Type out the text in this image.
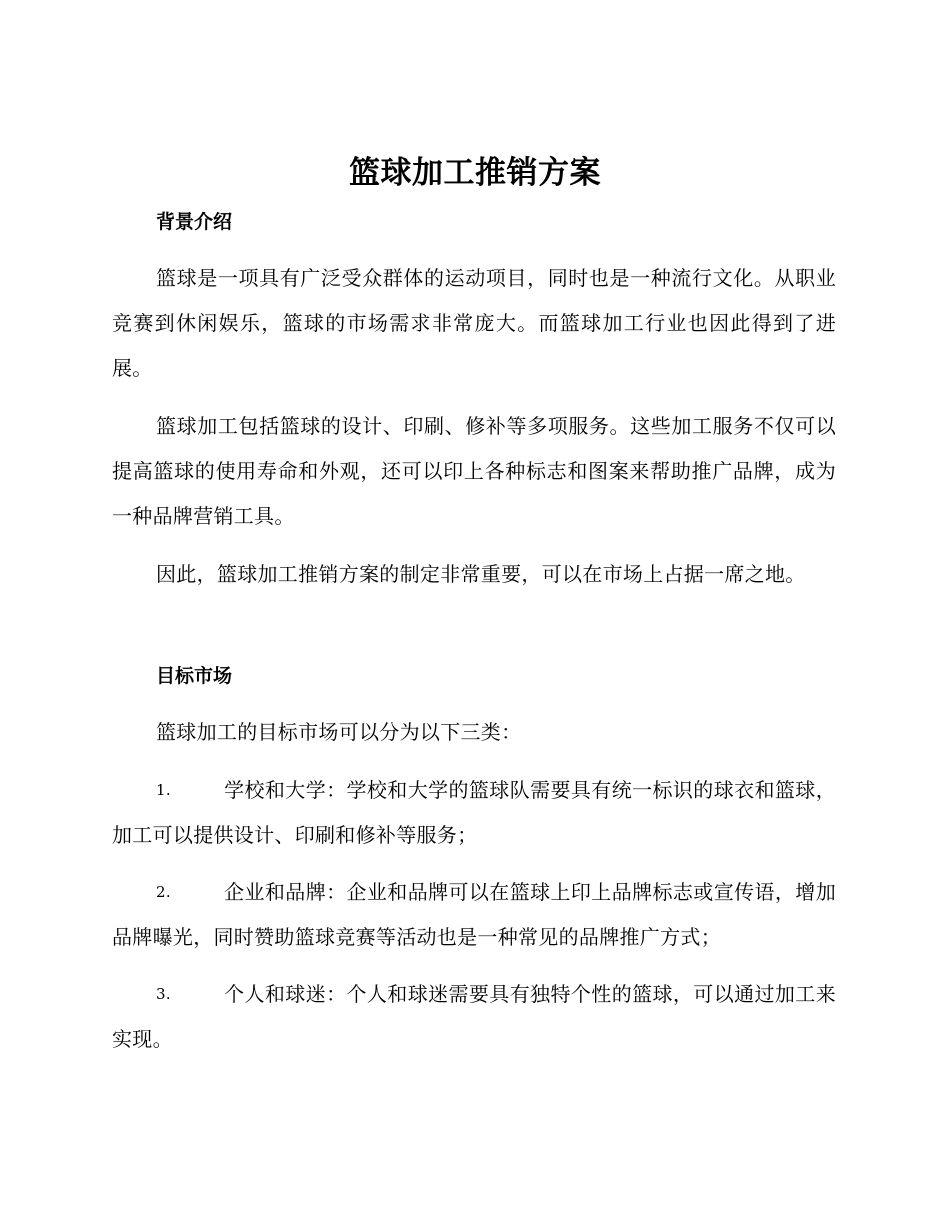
篮球加工推销方案
背景介绍
篮球是一项具有广泛受众群体的运动项目，同时也是一种流行文化。从职业竞赛到休闲娱乐，篮球的市场需求非常庞大。而篮球加工行业也因此得到了进展。
篮球加工包括篮球的设计、印刷、修补等多项服务。这些加工服务不仅可以提高篮球的使用寿命和外观，还可以印上各种标志和图案来帮助推广品牌，成为一种品牌营销工具。
因此，篮球加工推销方案的制定非常重要，可以在市场上占据一席之地。
目标市场
篮球加工的目标市场可以分为以下三类：
1.	学校和大学：学校和大学的篮球队需要具有统一标识的球衣和篮球，加工可以提供设计、印刷和修补等服务；
2.	企业和品牌：企业和品牌可以在篮球上印上品牌标志或宣传语，增加品牌曝光，同时赞助篮球竞赛等活动也是一种常见的品牌推广方式；
3.	个人和球迷：个人和球迷需要具有独特个性的篮球，可以通过加工来实现。
